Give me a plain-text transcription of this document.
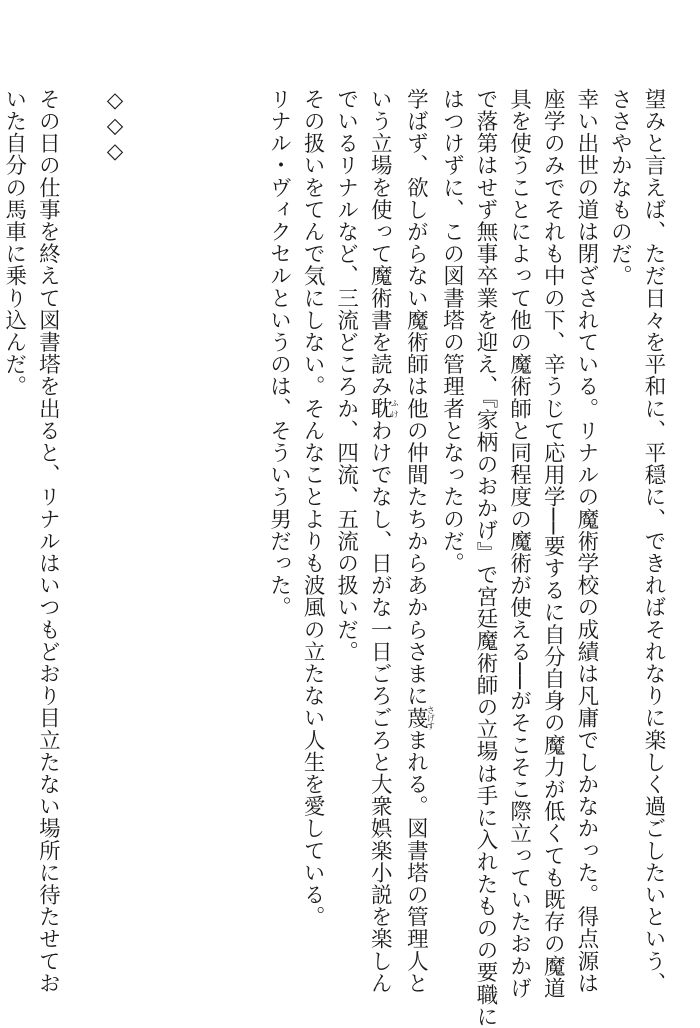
望みと言えば、ただ日々を平和に、平穏に、できればそれなりに楽しく過ごしたいという、
ささやかなものだ。
幸い出世の道は閉ざされている。リナルの魔術学校の成績は凡庸でしかなかった。得点源は
座学のみでそれも中の下、辛うじて応用学──要するに自分自身の魔力が低くても既存の魔道
具を使うことによって他の魔術師と同程度の魔術が使える──がそこそこ際立っていたおかげ
で落第はせず無事卒業を迎え、『家柄のおかげ』で宮廷魔術師の立場は手に入れたものの要職に
はつけずに、この図書塔の管理者となったのだ。
学ばず、欲しがらない魔術師は他の仲間たちからあからさまに蔑さげすまれる。図書塔の管理人と
いう立場を使って魔術書を読み耽ふけわけでなし、日がな一日ごろごろと大衆娯楽小説を楽しん
でいるリナルなど、三流どころか、四流、五流の扱いだ。
その扱いをてんで気にしない。そんなことよりも波風の立たない人生を愛している。
リナル・ヴィクセルというのは、そういう男だった。

◇◇◇

その日の仕事を終えて図書塔を出ると、リナルはいつもどおり目立たない場所に待たせてお
いた自分の馬車に乗り込んだ。
